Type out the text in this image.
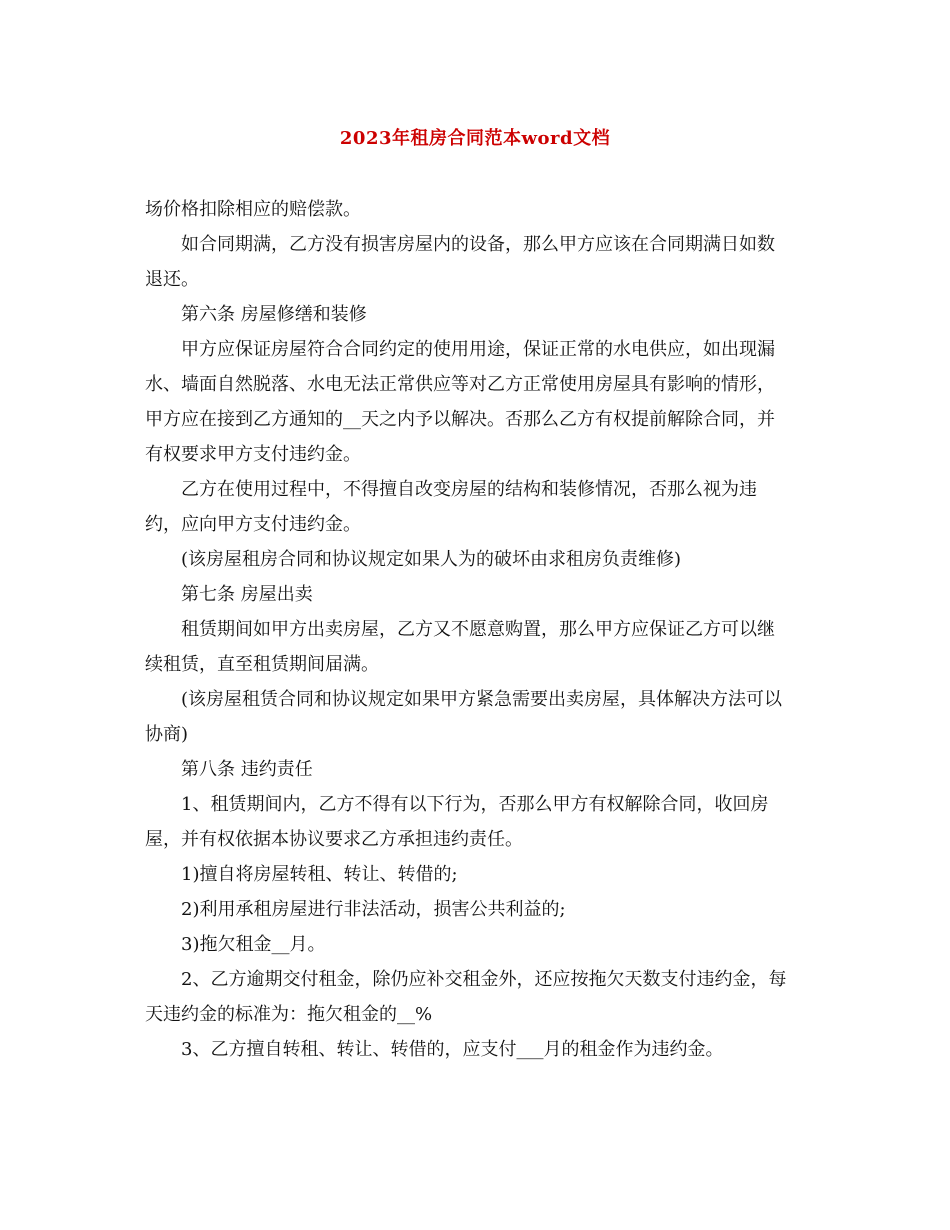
2023年租房合同范本word文档
场价格扣除相应的赔偿款。
如合同期满，乙方没有损害房屋内的设备，那么甲方应该在合同期满日如数
退还。
第六条 房屋修缮和装修
甲方应保证房屋符合合同约定的使用用途，保证正常的水电供应，如出现漏
水、墙面自然脱落、水电无法正常供应等对乙方正常使用房屋具有影响的情形，
甲方应在接到乙方通知的__天之内予以解决。否那么乙方有权提前解除合同，并
有权要求甲方支付违约金。
乙方在使用过程中，不得擅自改变房屋的结构和装修情况，否那么视为违
约，应向甲方支付违约金。
(该房屋租房合同和协议规定如果人为的破坏由求租房负责维修)
第七条 房屋出卖
租赁期间如甲方出卖房屋，乙方又不愿意购置，那么甲方应保证乙方可以继
续租赁，直至租赁期间届满。
(该房屋租赁合同和协议规定如果甲方紧急需要出卖房屋，具体解决方法可以
协商)
第八条 违约责任
1、租赁期间内，乙方不得有以下行为，否那么甲方有权解除合同，收回房
屋，并有权依据本协议要求乙方承担违约责任。
1)擅自将房屋转租、转让、转借的;
2)利用承租房屋进行非法活动，损害公共利益的;
3)拖欠租金__月。
2、乙方逾期交付租金，除仍应补交租金外，还应按拖欠天数支付违约金，每
天违约金的标准为：拖欠租金的__%
3、乙方擅自转租、转让、转借的，应支付___月的租金作为违约金。
